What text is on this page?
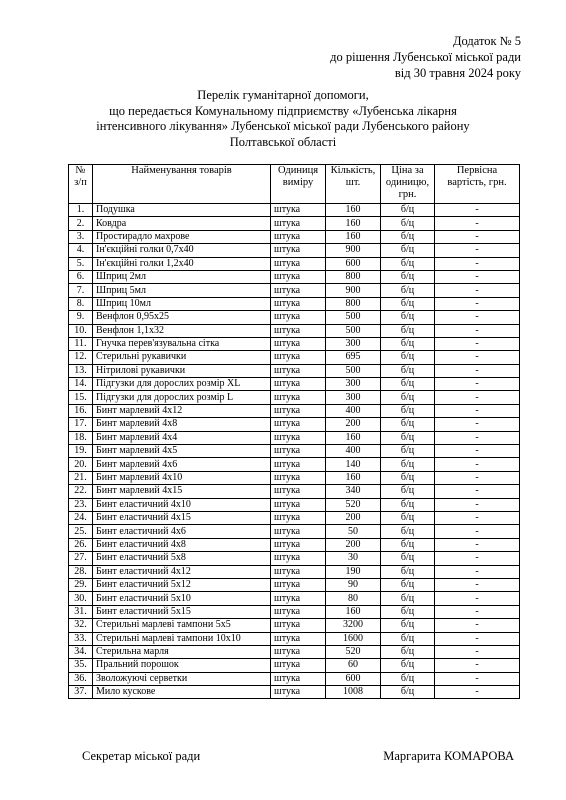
Додаток № 5
до рішення Лубенської міської ради
від 30 травня 2024 року
Перелік гуманітарної допомоги,
що передається Комунальному підприємству «Лубенська лікарня
інтенсивного лікування» Лубенської міської ради Лубенського району
Полтавської області
№ з/п	Найменування товарів	Одиниця виміру	Кількість, шт.	Ціна за одиницю, грн.	Первісна вартість, грн.
1.	Подушка	штука	160	б/ц	-
2.	Ковдра	штука	160	б/ц	-
3.	Простирадло махрове	штука	160	б/ц	-
4.	Ін'єкційні голки 0,7х40	штука	900	б/ц	-
5.	Ін'єкційні голки 1,2х40	штука	600	б/ц	-
6.	Шприц 2мл	штука	800	б/ц	-
7.	Шприц 5мл	штука	900	б/ц	-
8.	Шприц 10мл	штука	800	б/ц	-
9.	Венфлон 0,95х25	штука	500	б/ц	-
10.	Венфлон 1,1х32	штука	500	б/ц	-
11.	Гнучка перев'язувальна сітка	штука	300	б/ц	-
12.	Стерильні рукавички	штука	695	б/ц	-
13.	Нітрилові рукавички	штука	500	б/ц	-
14.	Підгузки для дорослих розмір XL	штука	300	б/ц	-
15.	Підгузки для дорослих розмір L	штука	300	б/ц	-
16.	Бинт марлевий 4х12	штука	400	б/ц	-
17.	Бинт марлевий 4х8	штука	200	б/ц	-
18.	Бинт марлевий 4х4	штука	160	б/ц	-
19.	Бинт марлевий 4х5	штука	400	б/ц	-
20.	Бинт марлевий 4х6	штука	140	б/ц	-
21.	Бинт марлевий 4х10	штука	160	б/ц	-
22.	Бинт марлевий 4х15	штука	340	б/ц	-
23.	Бинт еластичний 4х10	штука	520	б/ц	-
24.	Бинт еластичний 4х15	штука	200	б/ц	-
25.	Бинт еластичний 4х6	штука	50	б/ц	-
26.	Бинт еластичний 4х8	штука	200	б/ц	-
27.	Бинт еластичний 5х8	штука	30	б/ц	-
28.	Бинт еластичний 4х12	штука	190	б/ц	-
29.	Бинт еластичний 5х12	штука	90	б/ц	-
30.	Бинт еластичний 5х10	штука	80	б/ц	-
31.	Бинт еластичний 5х15	штука	160	б/ц	-
32.	Стерильні марлеві тампони 5х5	штука	3200	б/ц	-
33.	Стерильні марлеві тампони 10х10	штука	1600	б/ц	-
34.	Стерильна марля	штука	520	б/ц	-
35.	Пральний порошок	штука	60	б/ц	-
36.	Зволожуючі серветки	штука	600	б/ц	-
37.	Мило кускове	штука	1008	б/ц	-
Секретар міської ради	Маргарита КОМАРОВА
